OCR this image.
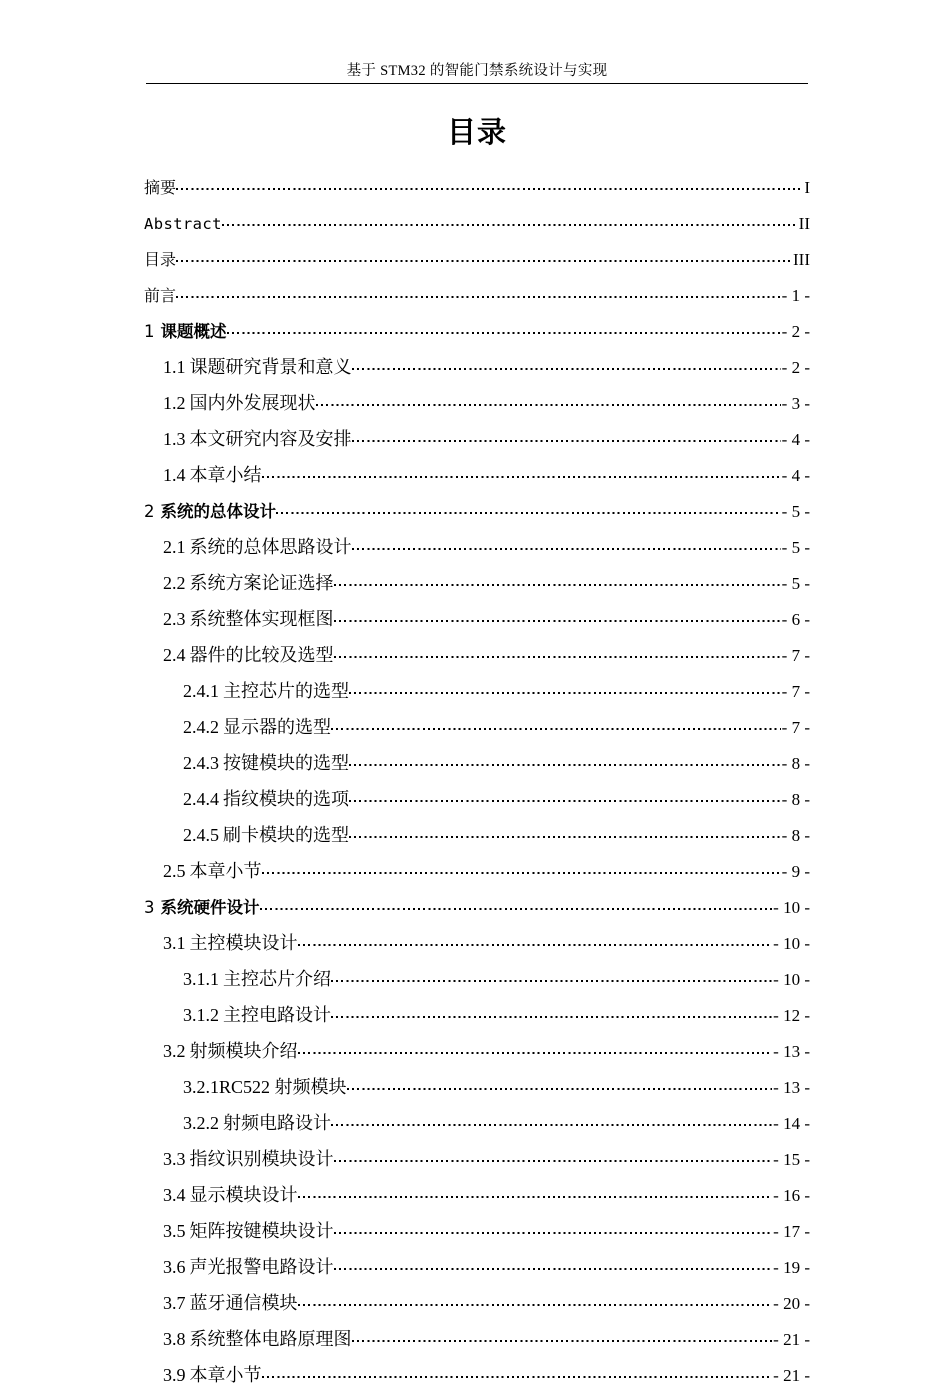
基于 STM32 的智能门禁系统设计与实现
目录
摘要	I
Abstract	II
目录	III
前言	- 1 -
1 课题概述	- 2 -
1.1 课题研究背景和意义	- 2 -
1.2 国内外发展现状	- 3 -
1.3 本文研究内容及安排	- 4 -
1.4 本章小结	- 4 -
2 系统的总体设计	- 5 -
2.1 系统的总体思路设计	- 5 -
2.2 系统方案论证选择	- 5 -
2.3 系统整体实现框图	- 6 -
2.4 器件的比较及选型	- 7 -
2.4.1 主控芯片的选型	- 7 -
2.4.2 显示器的选型	- 7 -
2.4.3 按键模块的选型	- 8 -
2.4.4 指纹模块的选项	- 8 -
2.4.5 刷卡模块的选型	- 8 -
2.5 本章小节	- 9 -
3 系统硬件设计	- 10 -
3.1 主控模块设计	- 10 -
3.1.1 主控芯片介绍	- 10 -
3.1.2 主控电路设计	- 12 -
3.2 射频模块介绍	- 13 -
3.2.1RC522 射频模块	- 13 -
3.2.2 射频电路设计	- 14 -
3.3 指纹识别模块设计	- 15 -
3.4 显示模块设计	- 16 -
3.5 矩阵按键模块设计	- 17 -
3.6 声光报警电路设计	- 19 -
3.7 蓝牙通信模块	- 20 -
3.8 系统整体电路原理图	- 21 -
3.9 本章小节	- 21 -
